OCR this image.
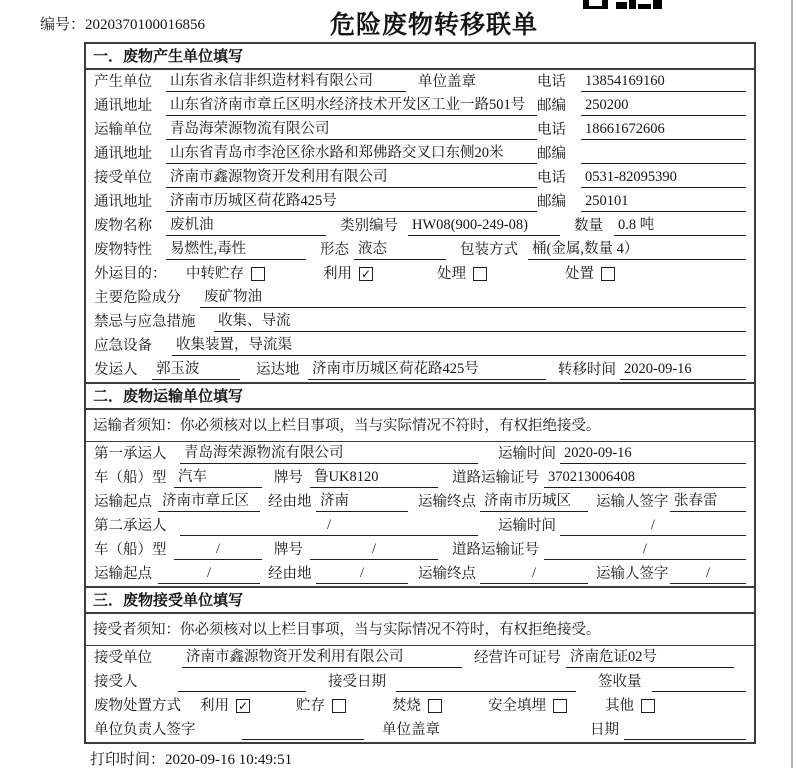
编号：2020370100016856	危险废物转移联单
一．废物产生单位填写
产生单位	山东省永信非织造材料有限公司	单位盖章	电话	13854169160
通讯地址	山东省济南市章丘区明水经济技术开发区工业一路501号 邮编	250200
运输单位	青岛海荣源物流有限公司	电话	18661672606
通讯地址	山东省青岛市李沧区徐水路和郑佛路交叉口东侧20米	邮编
接受单位	济南市鑫源物资开发利用有限公司	电话	0531-82095390
通讯地址	济南市历城区荷花路425号	邮编	250101
废物名称	废机油	类别编号 HW08(900-249-08)	数量	0.8 吨
废物特性	易燃性,毒性	形态 液态	包装方式 桶(金属,数量 4）
外运目的：	中转贮存	利用 ✓	处理	处置
主要危险成分	废矿物油
禁忌与应急措施	收集、导流
应急设备	收集装置，导流渠
发运人	郭玉波	运达地 济南市历城区荷花路425号	转移时间 2020-09-16
二．废物运输单位填写
运输者须知：你必须核对以上栏目事项，当与实际情况不符时，有权拒绝接受。
第一承运人	青岛海荣源物流有限公司	运输时间 2020-09-16
车（船）型 汽车	牌号 鲁UK8120	道路运输证号 370213006408
运输起点 济南市章丘区	经由地 济南	运输终点 济南市历城区	运输人签字 张春雷
第二承运人	/	运输时间	/
车（船）型	/	牌号	/	道路运输证号	/
运输起点	/	经由地	/	运输终点	/	运输人签字	/
三．废物接受单位填写
接受者须知：你必须核对以上栏目事项，当与实际情况不符时，有权拒绝接受。
接受单位	济南市鑫源物资开发利用有限公司	经营许可证号 济南危证02号
接受人	接受日期	签收量
废物处置方式	利用 ✓	贮存	焚烧	安全填埋	其他
单位负责人签字	单位盖章	日期
打印时间：2020-09-16 10:49:51
